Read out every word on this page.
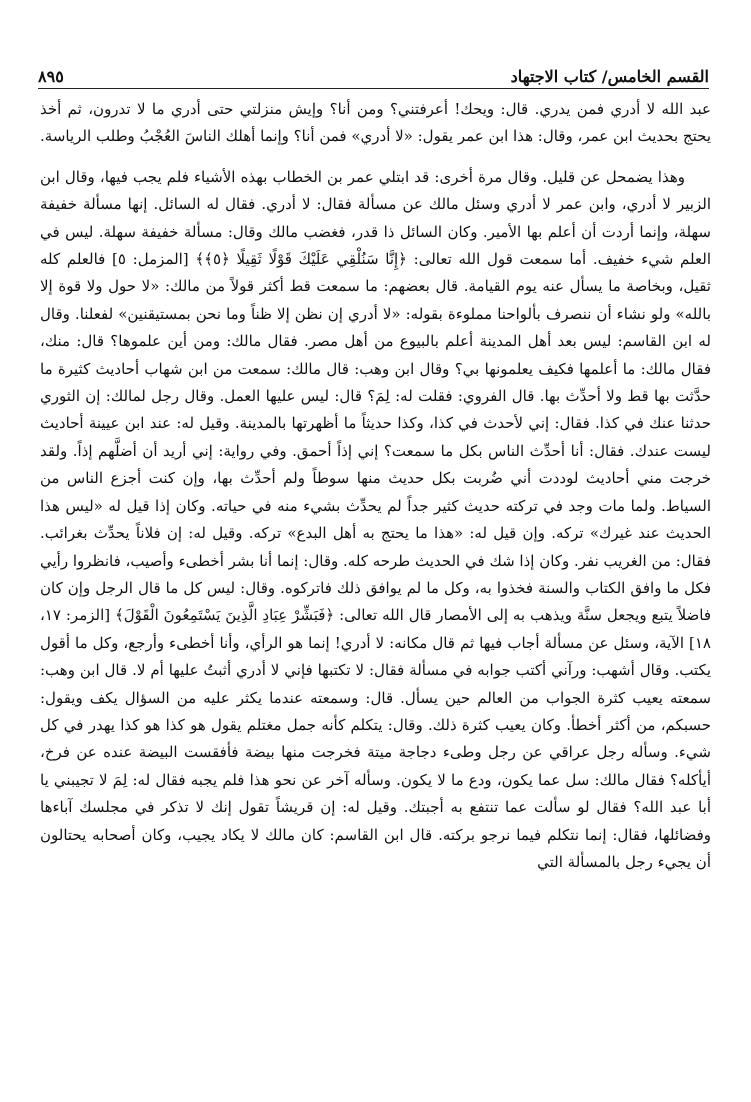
القسم الخامس/ كتاب الاجتهاد
٨٩٥

عبد الله لا أدري فمن يدري. قال: ويحك! أعرفتني؟ ومن أنا؟ وإيش منزلتي حتى أدري ما لا تدرون، ثم أخذ يحتج بحديث ابن عمر، وقال: هذا ابن عمر يقول: «لا أدري» فمن أنا؟ وإنما أهلك الناسَ العُجْبُ وطلب الرياسة.

وهذا يضمحل عن قليل. وقال مرة أخرى: قد ابتلي عمر بن الخطاب بهذه الأشياء فلم يجب فيها، وقال ابن الزبير لا أدري، وابن عمر لا أدري وسئل مالك عن مسألة فقال: لا أدري. فقال له السائل. إنها مسألة خفيفة سهلة، وإنما أردت أن أعلم بها الأمير. وكان السائل ذا قدر، فغضب مالك وقال: مسألة خفيفة سهلة. ليس في العلم شيء خفيف. أما سمعت قول الله تعالى: ﴿إِنَّا سَنُلْقِي عَلَيْكَ قَوْلًا ثَقِيلًا ﴿٥﴾﴾ [المزمل: ٥] فالعلم كله ثقيل، وبخاصة ما يسأل عنه يوم القيامة. قال بعضهم: ما سمعت قط أكثر قولاً من مالك: «لا حول ولا قوة إلا بالله» ولو نشاء أن ننصرف بألواحنا مملوءة بقوله: «لا أدري إن نظن إلا ظناً وما نحن بمستيقنين» لفعلنا. وقال له ابن القاسم: ليس بعد أهل المدينة أعلم بالبيوع من أهل مصر. فقال مالك: ومن أين علموها؟ قال: منك، فقال مالك: ما أعلمها فكيف يعلمونها بي؟ وقال ابن وهب: قال مالك: سمعت من ابن شهاب أحاديث كثيرة ما حدَّثت بها قط ولا أحدِّث بها. قال الفروي: فقلت له: لِمَ؟ قال: ليس عليها العمل. وقال رجل لمالك: إن الثوري حدثنا عنك في كذا. فقال: إني لأحدث في كذا، وكذا حديثاً ما أظهرتها بالمدينة. وقيل له: عند ابن عيينة أحاديث ليست عندك. فقال: أنا أحدِّث الناس بكل ما سمعت؟ إني إذاً أحمق. وفي رواية: إني أريد أن أضلَّهم إذاً. ولقد خرجت مني أحاديث لوددت أني ضُربت بكل حديث منها سوطاً ولم أحدِّث بها، وإن كنت أجزع الناس من السياط. ولما مات وجد في تركته حديث كثير جداً لم يحدِّث بشيء منه في حياته. وكان إذا قيل له «ليس هذا الحديث عند غيرك» تركه. وإن قيل له: «هذا ما يحتج به أهل البدع» تركه. وقيل له: إن فلاناً يحدِّث بغرائب. فقال: من الغريب نفر. وكان إذا شك في الحديث طرحه كله. وقال: إنما أنا بشر أخطىء وأصيب، فانظروا رأيي فكل ما وافق الكتاب والسنة فخذوا به، وكل ما لم يوافق ذلك فاتركوه. وقال: ليس كل ما قال الرجل وإن كان فاضلاً يتبع ويجعل سنَّة ويذهب به إلى الأمصار قال الله تعالى: ﴿فَبَشِّرْ عِبَادِ الَّذِينَ يَسْتَمِعُونَ الْقَوْلَ﴾ [الزمر: ١٧، ١٨] الآية، وسئل عن مسألة أجاب فيها ثم قال مكانه: لا أدري! إنما هو الرأي، وأنا أخطىء وأرجع، وكل ما أقول يكتب. وقال أشهب: ورآني أكتب جوابه في مسألة فقال: لا تكتبها فإني لا أدري أثبتُ عليها أم لا. قال ابن وهب: سمعته يعيب كثرة الجواب من العالم حين يسأل. قال: وسمعته عندما يكثر عليه من السؤال يكف ويقول: حسبكم، من أكثر أخطأ. وكان يعيب كثرة ذلك. وقال: يتكلم كأنه جمل مغتلم يقول هو كذا هو كذا يهدر في كل شيء. وسأله رجل عراقي عن رجل وطىء دجاجة ميتة فخرجت منها بيضة فأفقست البيضة عنده عن فرخ، أيأكله؟ فقال مالك: سل عما يكون، ودع ما لا يكون. وسأله آخر عن نحو هذا فلم يجبه فقال له: لِمَ لا تجيبني يا أبا عبد الله؟ فقال لو سألت عما تنتفع به أجبتك. وقيل له: إن قريشاً تقول إنك لا تذكر في مجلسك آباءها وفضائلها، فقال: إنما نتكلم فيما نرجو بركته. قال ابن القاسم: كان مالك لا يكاد يجيب، وكان أصحابه يحتالون أن يجيء رجل بالمسألة التي
